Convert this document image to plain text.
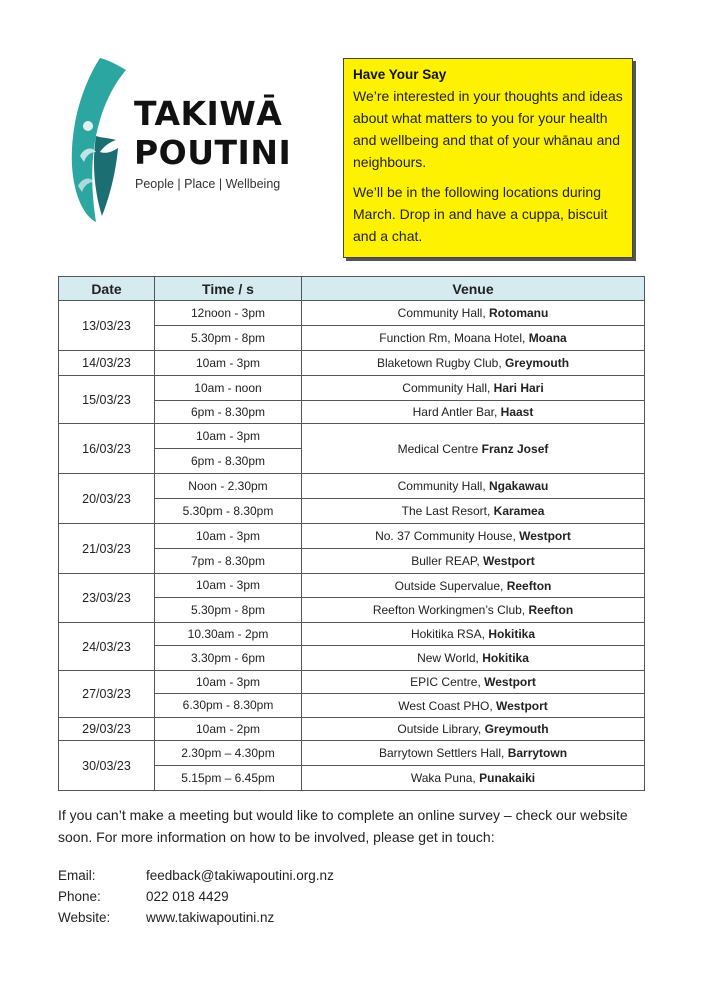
TAKIWĀ
POUTINI
People | Place | Wellbeing
Have Your Say

We’re interested in your thoughts and ideas about what matters to you for your health and wellbeing and that of your whānau and neighbours.

We’ll be in the following locations during March. Drop in and have a cuppa, biscuit and a chat.

Date	Time / s	Venue
13/03/23	12noon - 3pm	Community Hall, Rotomanu
	5.30pm - 8pm	Function Rm, Moana Hotel, Moana
14/03/23	10am - 3pm	Blaketown Rugby Club, Greymouth
15/03/23	10am - noon	Community Hall, Hari Hari
	6pm - 8.30pm	Hard Antler Bar, Haast
16/03/23	10am - 3pm	Medical Centre Franz Josef
	6pm - 8.30pm	
20/03/23	Noon - 2.30pm	Community Hall, Ngakawau
	5.30pm - 8.30pm	The Last Resort, Karamea
21/03/23	10am - 3pm	No. 37 Community House, Westport
	7pm - 8.30pm	Buller REAP, Westport
23/03/23	10am - 3pm	Outside Supervalue, Reefton
	5.30pm - 8pm	Reefton Workingmen’s Club, Reefton
24/03/23	10.30am - 2pm	Hokitika RSA, Hokitika
	3.30pm - 6pm	New World, Hokitika
27/03/23	10am - 3pm	EPIC Centre, Westport
	6.30pm - 8.30pm	West Coast PHO, Westport
29/03/23	10am - 2pm	Outside Library, Greymouth
30/03/23	2.30pm – 4.30pm	Barrytown Settlers Hall, Barrytown
	5.15pm – 6.45pm	Waka Puna, Punakaiki
If you can’t make a meeting but would like to complete an online survey – check our website soon. For more information on how to be involved, please get in touch:
Email:	feedback@takiwapoutini.org.nz
Phone:	022 018 4429
Website:	www.takiwapoutini.nz
